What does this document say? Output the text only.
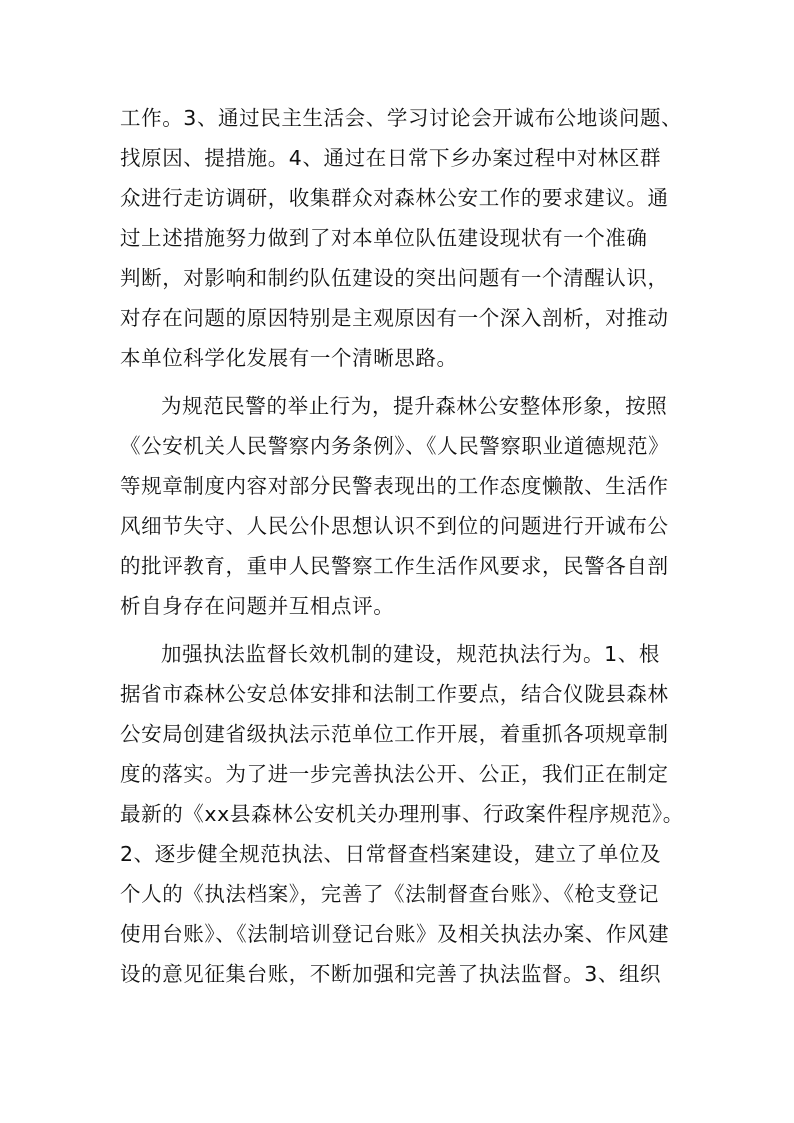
工作。3、通过民主生活会、学习讨论会开诚布公地谈问题、
找原因、提措施。4、通过在日常下乡办案过程中对林区群
众进行走访调研，收集群众对森林公安工作的要求建议。通
过上述措施努力做到了对本单位队伍建设现状有一个准确
判断，对影响和制约队伍建设的突出问题有一个清醒认识，
对存在问题的原因特别是主观原因有一个深入剖析，对推动
本单位科学化发展有一个清晰思路。
为规范民警的举止行为，提升森林公安整体形象，按照
《公安机关人民警察内务条例》、《人民警察职业道德规范》
等规章制度内容对部分民警表现出的工作态度懒散、生活作
风细节失守、人民公仆思想认识不到位的问题进行开诚布公
的批评教育，重申人民警察工作生活作风要求，民警各自剖
析自身存在问题并互相点评。
加强执法监督长效机制的建设，规范执法行为。1、根
据省市森林公安总体安排和法制工作要点，结合仪陇县森林
公安局创建省级执法示范单位工作开展，着重抓各项规章制
度的落实。为了进一步完善执法公开、公正，我们正在制定
最新的《xx县森林公安机关办理刑事、行政案件程序规范》。
2、逐步健全规范执法、日常督查档案建设，建立了单位及
个人的《执法档案》，完善了《法制督查台账》、《枪支登记
使用台账》、《法制培训登记台账》及相关执法办案、作风建
设的意见征集台账，不断加强和完善了执法监督。3、组织
